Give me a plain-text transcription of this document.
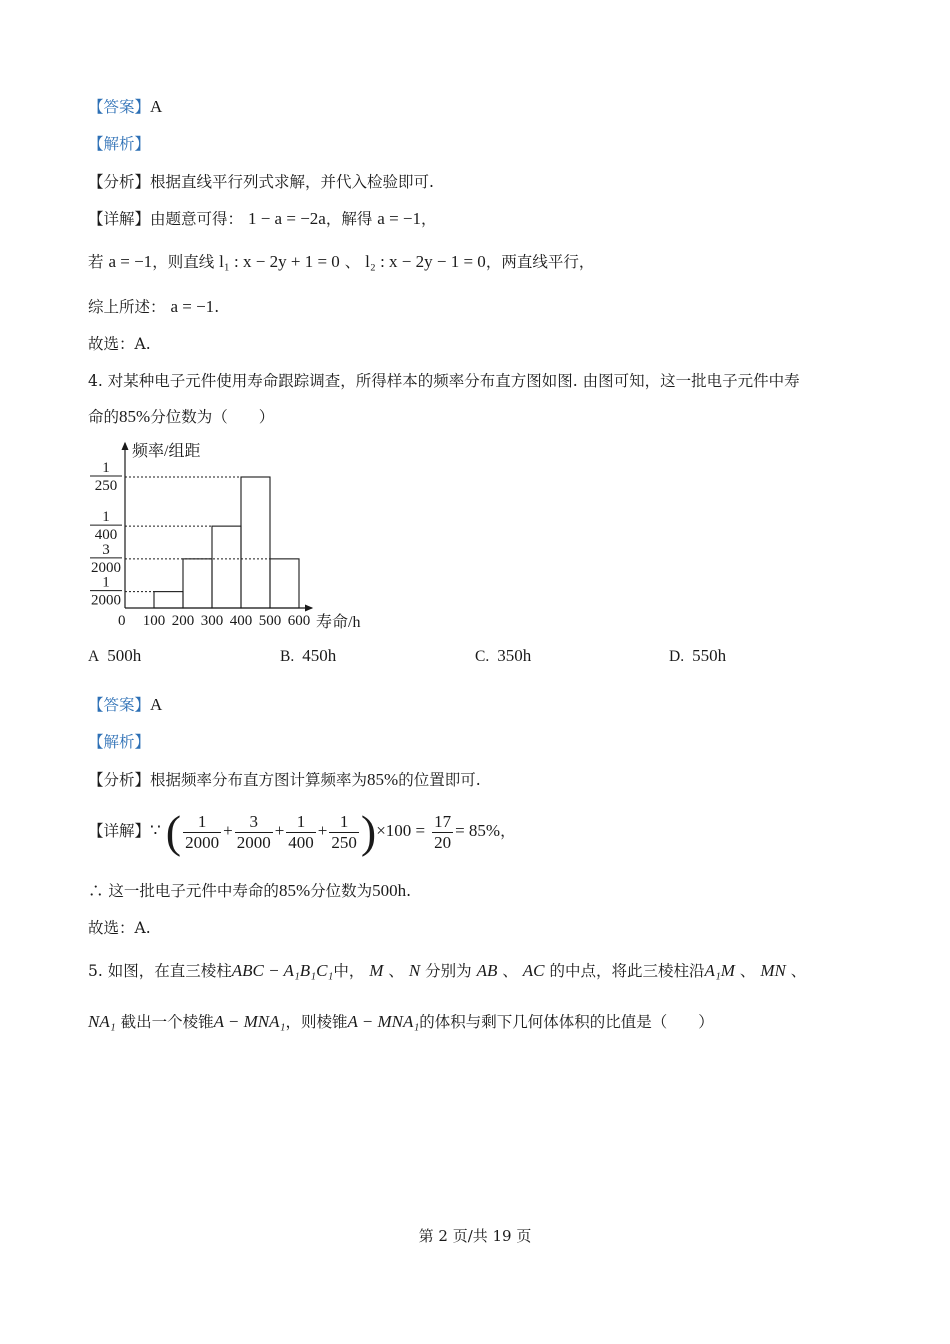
【答案】A
【解析】
【分析】根据直线平行列式求解，并代入检验即可.
【详解】由题意可得： 1 − a = −2a，解得 a = −1，
若 a = −1，则直线 l₁ : x − 2y + 1 = 0 、 l₂ : x − 2y − 1 = 0，两直线平行，
综上所述： a = −1.
故选：A.
4. 对某种电子元件使用寿命跟踪调查，所得样本的频率分布直方图如图. 由图可知，这一批电子元件中寿
命的85%分位数为（　　）
频率/组距
寿命/h
0 100 200 300 400 500 600
1
2000
3
2000
1
400
1
250
A 500h	B. 450h	C. 350h	D. 550h
【答案】A
【解析】
【分析】根据频率分布直方图计算频率为85%的位置即可.
【详解】∵ ( $\frac{1}{2000} + \frac{3}{2000} + \frac{1}{400} + \frac{1}{250} )\times 100 = \frac{17}{20} = 85\%$，
∴ 这一批电子元件中寿命的85%分位数为500h.
故选：A.
5. 如图，在直三棱柱ABC − A₁B₁C₁中， M 、 N 分别为 AB 、 AC 的中点，将此三棱柱沿A₁M 、 MN 、
NA₁ 截出一个棱锥A − MNA₁，则棱锥A − MNA₁的体积与剩下几何体体积的比值是（　　）
第 2 页/共 19 页
